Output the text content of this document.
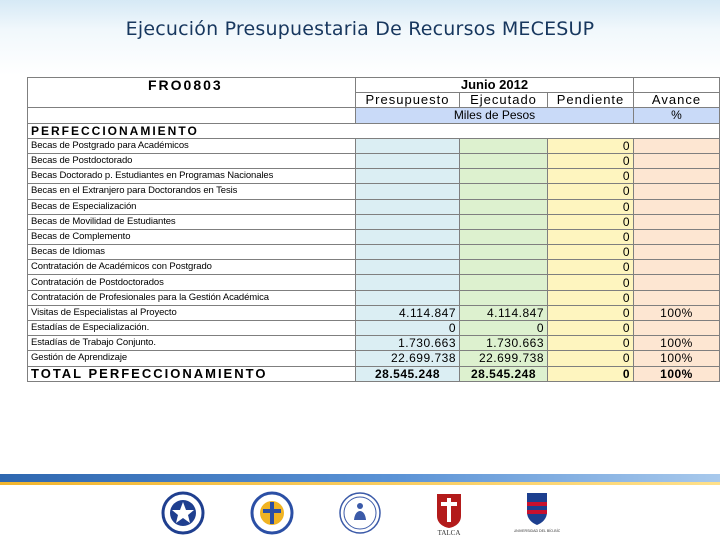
Ejecución Presupuestaria De Recursos MECESUP
FRO0803	Junio 2012			
	Presupuesto	Ejecutado	Pendiente	Avance
	Miles de Pesos			%
PERFECCIONAMIENTO				
Becas de Postgrado para Académicos			0	
Becas de Postdoctorado			0	
Becas Doctorado p. Estudiantes en Programas Nacionales			0	
Becas en el Extranjero para Doctorandos en Tesis			0	
Becas de Especialización			0	
Becas de Movilidad de Estudiantes			0	
Becas de Complemento			0	
Becas de Idiomas			0	
Contratación de Académicos con Postgrado			0	
Contratación de Postdoctorados			0	
Contratación de Profesionales para la Gestión Académica			0	
Visitas de Especialistas al Proyecto	4.114.847	4.114.847	0	100%
Estadías de Especialización.	0	0	0	
Estadías de Trabajo Conjunto.	1.730.663	1.730.663	0	100%
Gestión de Aprendizaje	22.699.738	22.699.738	0	100%
TOTAL PERFECCIONAMIENTO	28.545.248	28.545.248	0	100%
TALCA	UNIVERSIDAD DEL BÍO-BÍO
